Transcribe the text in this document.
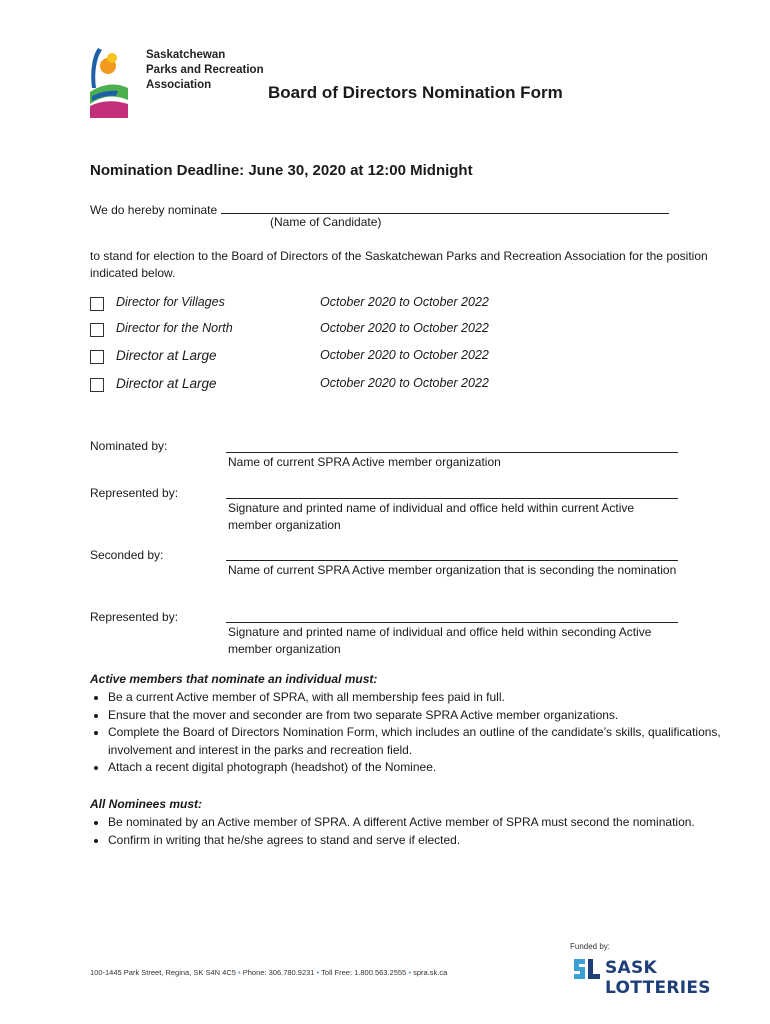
Saskatchewan
Parks and Recreation
Association	Board of Directors Nomination Form
Nomination Deadline: June 30, 2020 at 12:00 Midnight
We do hereby nominate
(Name of Candidate)
to stand for election to the Board of Directors of the Saskatchewan Parks and Recreation Association for the position indicated below.
Director for Villages	October 2020 to October 2022
Director for the North	October 2020 to October 2022
Director at Large	October 2020 to October 2022
Director at Large	October 2020 to October 2022
Nominated by:
Name of current SPRA Active member organization
Represented by:
Signature and printed name of individual and office held within current Active member organization
Seconded by:
Name of current SPRA Active member organization that is seconding the nomination
Represented by:
Signature and printed name of individual and office held within seconding Active member organization
Active members that nominate an individual must:
• Be a current Active member of SPRA, with all membership fees paid in full.
• Ensure that the mover and seconder are from two separate SPRA Active member organizations.
• Complete the Board of Directors Nomination Form, which includes an outline of the candidate’s skills, qualifications, involvement and interest in the parks and recreation field.
• Attach a recent digital photograph (headshot) of the Nominee.
All Nominees must:
• Be nominated by an Active member of SPRA. A different Active member of SPRA must second the nomination.
• Confirm in writing that he/she agrees to stand and serve if elected.
Funded by:
100-1445 Park Street, Regina, SK S4N 4C5 • Phone: 306.780.9231 • Toll Free: 1.800.563.2555 • spra.sk.ca	SASK LOTTERIES
